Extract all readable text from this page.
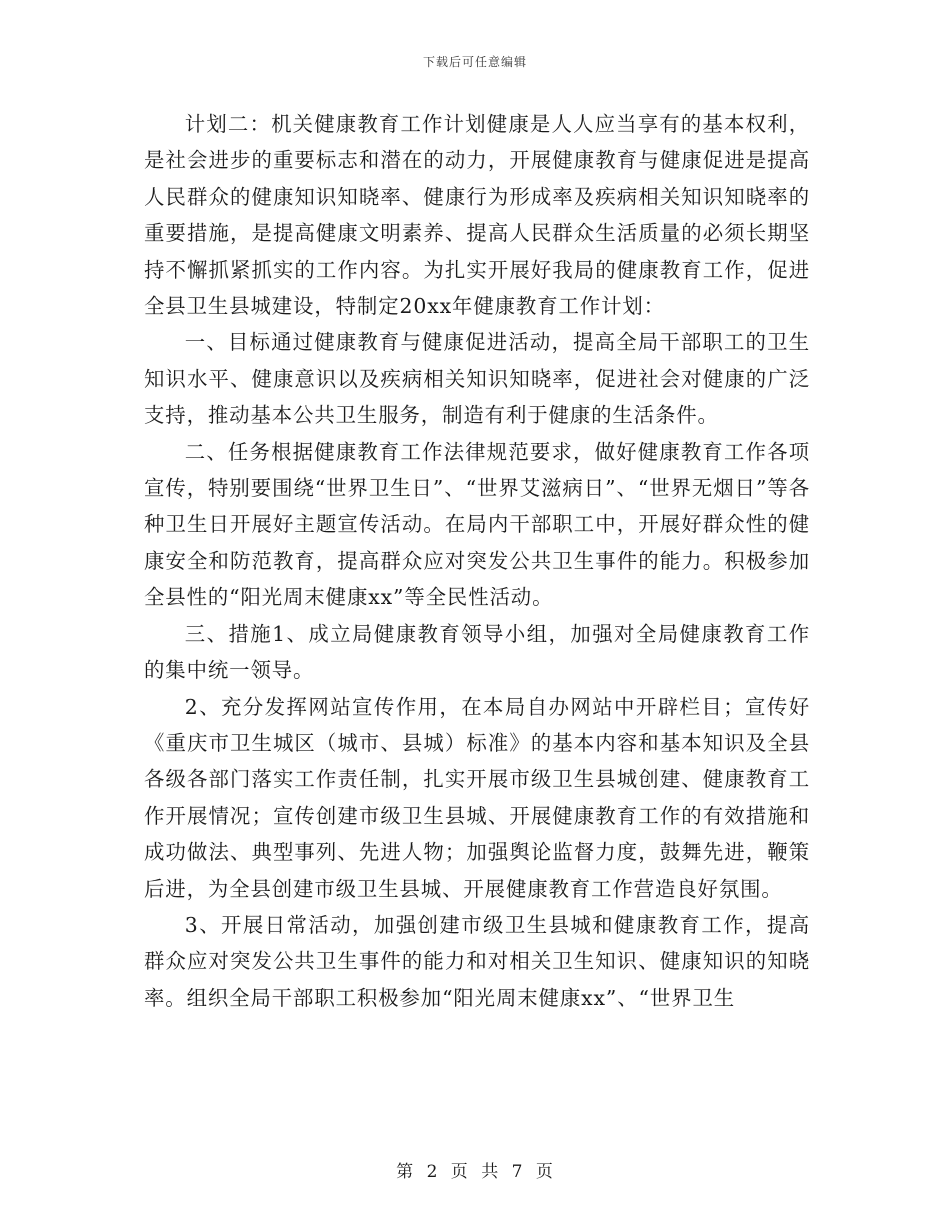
下载后可任意编辑

计划二：机关健康教育工作计划健康是人人应当享有的基本权利，是社会进步的重要标志和潜在的动力，开展健康教育与健康促进是提高人民群众的健康知识知晓率、健康行为形成率及疾病相关知识知晓率的重要措施，是提高健康文明素养、提高人民群众生活质量的必须长期坚持不懈抓紧抓实的工作内容。为扎实开展好我局的健康教育工作，促进全县卫生县城建设，特制定20xx年健康教育工作计划：

一、目标通过健康教育与健康促进活动，提高全局干部职工的卫生知识水平、健康意识以及疾病相关知识知晓率，促进社会对健康的广泛支持，推动基本公共卫生服务，制造有利于健康的生活条件。

二、任务根据健康教育工作法律规范要求，做好健康教育工作各项宣传，特别要围绕“世界卫生日”、“世界艾滋病日”、“世界无烟日”等各种卫生日开展好主题宣传活动。在局内干部职工中，开展好群众性的健康安全和防范教育，提高群众应对突发公共卫生事件的能力。积极参加全县性的“阳光周末健康xx”等全民性活动。

三、措施1、成立局健康教育领导小组，加强对全局健康教育工作的集中统一领导。

2、充分发挥网站宣传作用，在本局自办网站中开辟栏目；宣传好《重庆市卫生城区（城市、县城）标准》的基本内容和基本知识及全县各级各部门落实工作责任制，扎实开展市级卫生县城创建、健康教育工作开展情况；宣传创建市级卫生县城、开展健康教育工作的有效措施和成功做法、典型事列、先进人物；加强舆论监督力度，鼓舞先进，鞭策后进，为全县创建市级卫生县城、开展健康教育工作营造良好氛围。

3、开展日常活动，加强创建市级卫生县城和健康教育工作，提高群众应对突发公共卫生事件的能力和对相关卫生知识、健康知识的知晓率。组织全局干部职工积极参加“阳光周末健康xx”、“世界卫生

第 2 页 共 7 页
